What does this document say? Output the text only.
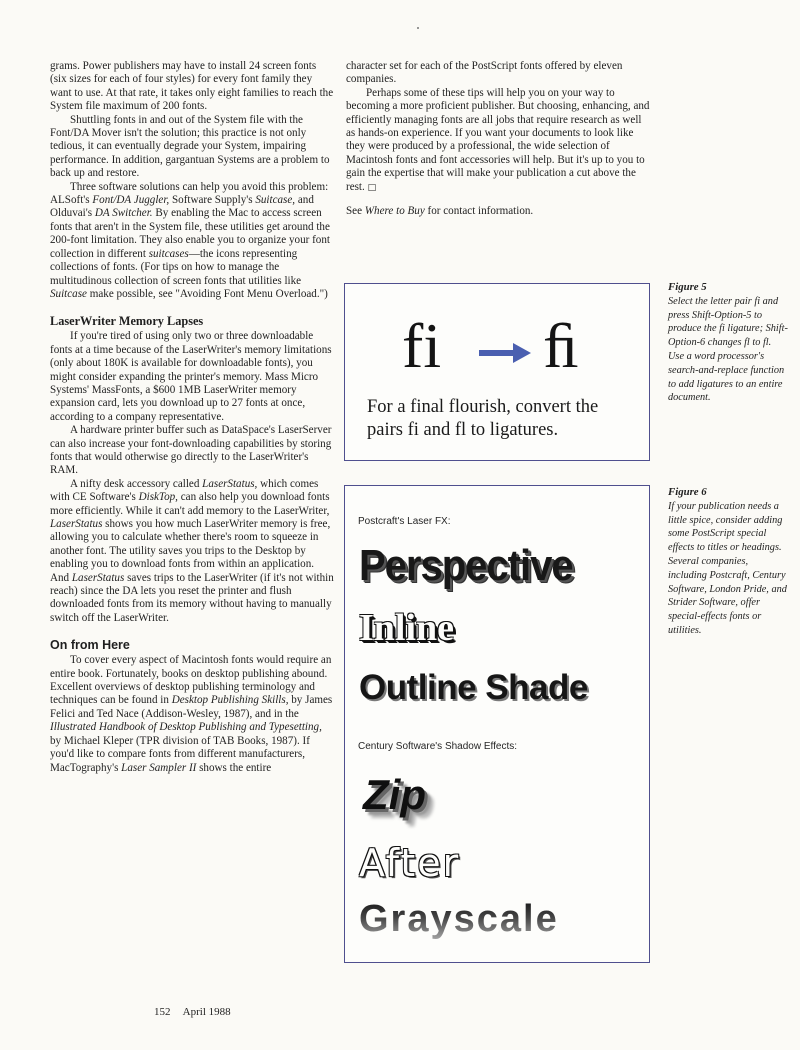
grams. Power publishers may have to install 24 screen fonts (six sizes for each of four styles) for every font family they want to use. At that rate, it takes only eight families to reach the System file maximum of 200 fonts.

Shuttling fonts in and out of the System file with the Font/DA Mover isn't the solution; this practice is not only tedious, it can eventually degrade your System, impairing performance. In addition, gargantuan Systems are a problem to back up and restore.

Three software solutions can help you avoid this problem: ALSoft's Font/DA Juggler, Software Supply's Suitcase, and Olduvai's DA Switcher. By enabling the Mac to access screen fonts that aren't in the System file, these utilities get around the 200-font limitation. They also enable you to organize your font collection in different suitcases—the icons representing collections of fonts. (For tips on how to manage the multitudinous collection of screen fonts that utilities like Suitcase make possible, see "Avoiding Font Menu Overload.")

LaserWriter Memory Lapses

If you're tired of using only two or three downloadable fonts at a time because of the LaserWriter's memory limitations (only about 180K is available for downloadable fonts), you might consider expanding the printer's memory. Mass Micro Systems' MassFonts, a $600 1MB LaserWriter memory expansion card, lets you download up to 27 fonts at once, according to a company representative.

A hardware printer buffer such as DataSpace's LaserServer can also increase your font-downloading capabilities by storing fonts that would otherwise go directly to the LaserWriter's RAM.

A nifty desk accessory called LaserStatus, which comes with CE Software's DiskTop, can also help you download fonts more efficiently. While it can't add memory to the LaserWriter, LaserStatus shows you how much LaserWriter memory is free, allowing you to calculate whether there's room to squeeze in another font. The utility saves you trips to the Desktop by enabling you to download fonts from within an application. And LaserStatus saves trips to the LaserWriter (if it's not within reach) since the DA lets you reset the printer and flush downloaded fonts from its memory without having to manually switch off the LaserWriter.

On from Here

To cover every aspect of Macintosh fonts would require an entire book. Fortunately, books on desktop publishing abound. Excellent overviews of desktop publishing terminology and techniques can be found in Desktop Publishing Skills, by James Felici and Ted Nace (Addison-Wesley, 1987), and in the Illustrated Handbook of Desktop Publishing and Typesetting, by Michael Kleper (TPR division of TAB Books, 1987). If you'd like to compare fonts from different manufacturers, MacTography's Laser Sampler II shows the entire

character set for each of the PostScript fonts offered by eleven companies.

Perhaps some of these tips will help you on your way to becoming a more proficient publisher. But choosing, enhancing, and efficiently managing fonts are all jobs that require research as well as hands-on experience. If you want your documents to look like they were produced by a professional, the wide selection of Macintosh fonts and font accessories will help. But it's up to you to gain the expertise that will make your publication a cut above the rest. □

See Where to Buy for contact information.

fi ﬁ
For a final flourish, convert the pairs fi and fl to ligatures.
Figure 5
Select the letter pair fi and press Shift-Option-5 to produce the fi ligature; Shift-Option-6 changes fl to fl. Use a word processor's search-and-replace function to add ligatures to an entire document.
Postcraft's Laser FX:
Perspective
Inline
Outline Shade
Century Software's Shadow Effects:
Zip
After
Grayscale
Figure 6
If your publication needs a little spice, consider adding some PostScript special effects to titles or headings. Several companies, including Postcraft, Century Software, London Pride, and Strider Software, offer special-effects fonts or utilities.
152 April 1988
